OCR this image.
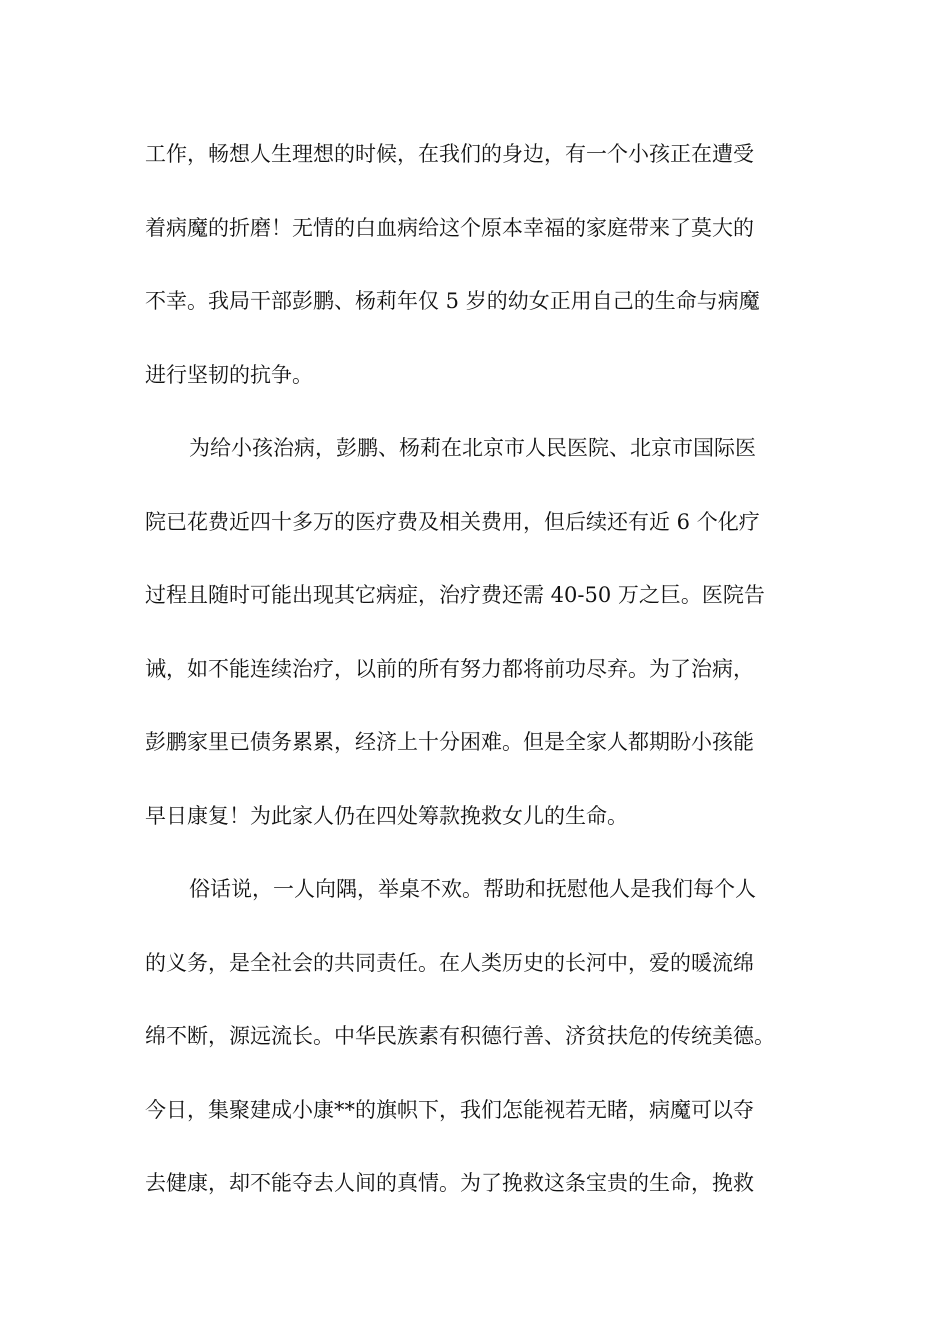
工作，畅想人生理想的时候，在我们的身边，有一个小孩正在遭受
着病魔的折磨！无情的白血病给这个原本幸福的家庭带来了莫大的
不幸。我局干部彭鹏、杨莉年仅 5 岁的幼女正用自己的生命与病魔
进行坚韧的抗争。
为给小孩治病，彭鹏、杨莉在北京市人民医院、北京市国际医
院已花费近四十多万的医疗费及相关费用，但后续还有近 6 个化疗
过程且随时可能出现其它病症，治疗费还需 40-50 万之巨。医院告
诫，如不能连续治疗，以前的所有努力都将前功尽弃。为了治病，
彭鹏家里已债务累累，经济上十分困难。但是全家人都期盼小孩能
早日康复！为此家人仍在四处筹款挽救女儿的生命。
俗话说，一人向隅，举桌不欢。帮助和抚慰他人是我们每个人
的义务，是全社会的共同责任。在人类历史的长河中，爱的暖流绵
绵不断，源远流长。中华民族素有积德行善、济贫扶危的传统美德。
今日，集聚建成小康**的旗帜下，我们怎能视若无睹，病魔可以夺
去健康，却不能夺去人间的真情。为了挽救这条宝贵的生命，挽救
